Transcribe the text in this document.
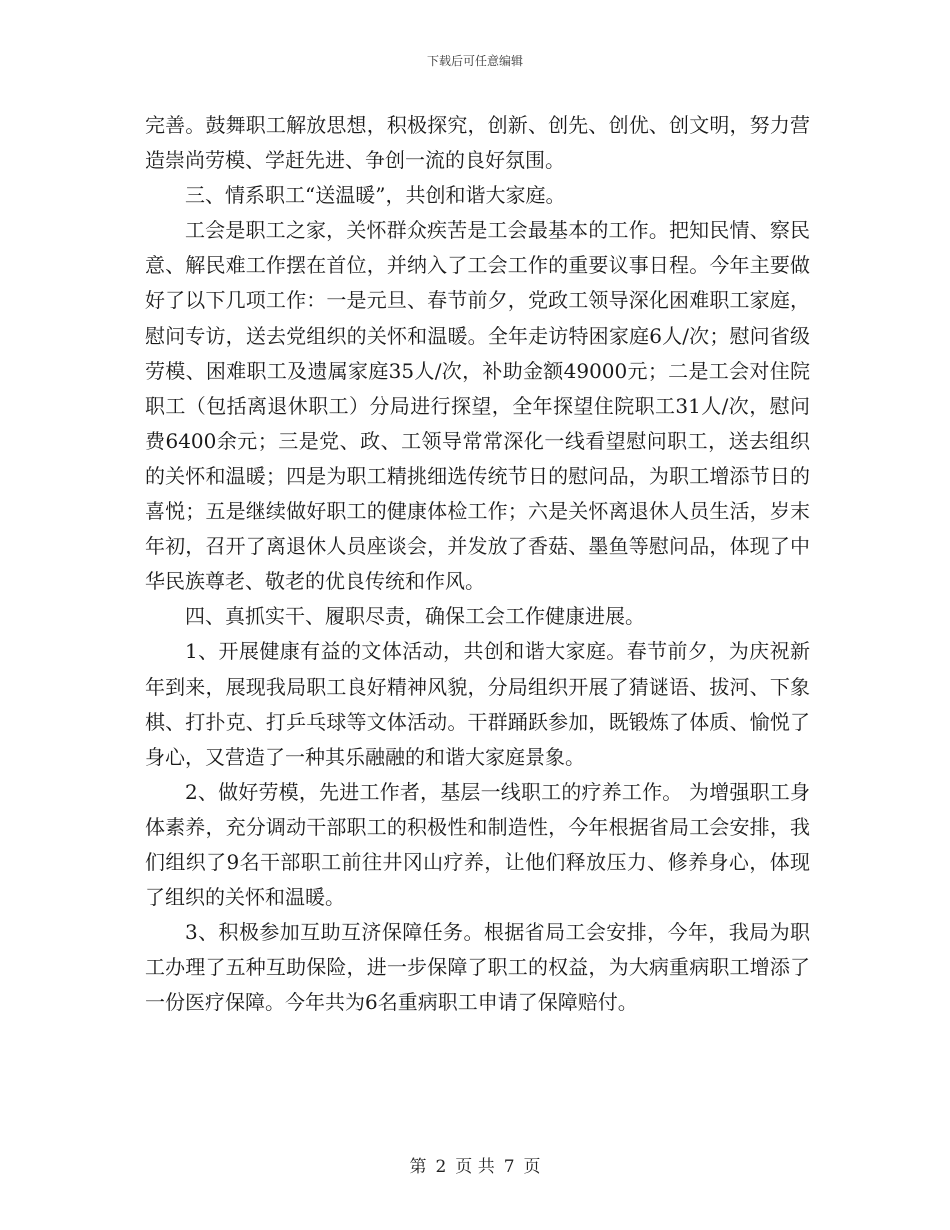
下载后可任意编辑

完善。鼓舞职工解放思想，积极探究，创新、创先、创优、创文明，努力营造崇尚劳模、学赶先进、争创一流的良好氛围。

三、情系职工“送温暖”，共创和谐大家庭。

工会是职工之家，关怀群众疾苦是工会最基本的工作。把知民情、察民意、解民难工作摆在首位，并纳入了工会工作的重要议事日程。今年主要做好了以下几项工作：一是元旦、春节前夕，党政工领导深化困难职工家庭，慰问专访，送去党组织的关怀和温暖。全年走访特困家庭6人/次；慰问省级劳模、困难职工及遗属家庭35人/次，补助金额49000元；二是工会对住院职工（包括离退休职工）分局进行探望，全年探望住院职工31人/次，慰问费6400余元；三是党、政、工领导常常深化一线看望慰问职工，送去组织的关怀和温暖；四是为职工精挑细选传统节日的慰问品，为职工增添节日的喜悦；五是继续做好职工的健康体检工作；六是关怀离退休人员生活，岁末年初，召开了离退休人员座谈会，并发放了香菇、墨鱼等慰问品，体现了中华民族尊老、敬老的优良传统和作风。

四、真抓实干、履职尽责，确保工会工作健康进展。

1、开展健康有益的文体活动，共创和谐大家庭。春节前夕，为庆祝新年到来，展现我局职工良好精神风貌，分局组织开展了猜谜语、拔河、下象棋、打扑克、打乒乓球等文体活动。干群踊跃参加，既锻炼了体质、愉悦了身心，又营造了一种其乐融融的和谐大家庭景象。

2、做好劳模，先进工作者，基层一线职工的疗养工作。 为增强职工身体素养，充分调动干部职工的积极性和制造性，今年根据省局工会安排，我们组织了9名干部职工前往井冈山疗养，让他们释放压力、修养身心，体现了组织的关怀和温暖。

3、积极参加互助互济保障任务。根据省局工会安排，今年，我局为职工办理了五种互助保险，进一步保障了职工的权益，为大病重病职工增添了一份医疗保障。今年共为6名重病职工申请了保障赔付。

第 2 页 共 7 页
